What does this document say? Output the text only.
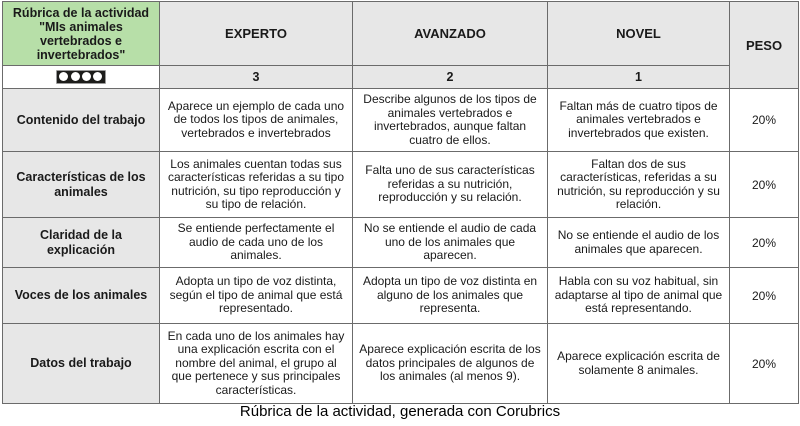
Rúbrica de la actividad "MIs animales vertebrados e invertebrados"	EXPERTO	AVANZADO	NOVEL	PESO

	3	2	1	
Contenido del trabajo	Aparece un ejemplo de cada uno de todos los tipos de animales, vertebrados e invertebrados	Describe algunos de los tipos de animales vertebrados e invertebrados, aunque faltan cuatro de ellos.	Faltan más de cuatro tipos de animales vertebrados e invertebrados que existen.	20%
Características de los animales	Los animales cuentan todas sus características referidas a su tipo nutrición, su tipo reproducción y su tipo de relación.	Falta uno de sus características referidas a su nutrición, reproducción y su relación.	Faltan dos de sus características, referidas a su nutrición, su reproducción y su relación.	20%
Claridad de la explicación	Se entiende perfectamente el audio de cada uno de los animales.	No se entiende el audio de cada uno de los animales que aparecen.	No se entiende el audio de los animales que aparecen.	20%
Voces de los animales	Adopta un tipo de voz distinta, según el tipo de animal que está representado.	Adopta un tipo de voz distinta en alguno de los animales que representa.	Habla con su voz habitual, sin adaptarse al tipo de animal que está representando.	20%
Datos del trabajo	En cada uno de los animales hay una explicación escrita con el nombre del animal, el grupo al que pertenece y sus principales características.	Aparece explicación escrita de los datos principales de algunos de los animales (al menos 9).	Aparece explicación escrita de solamente 8 animales.	20%
Rúbrica de la actividad, generada con Corubrics
